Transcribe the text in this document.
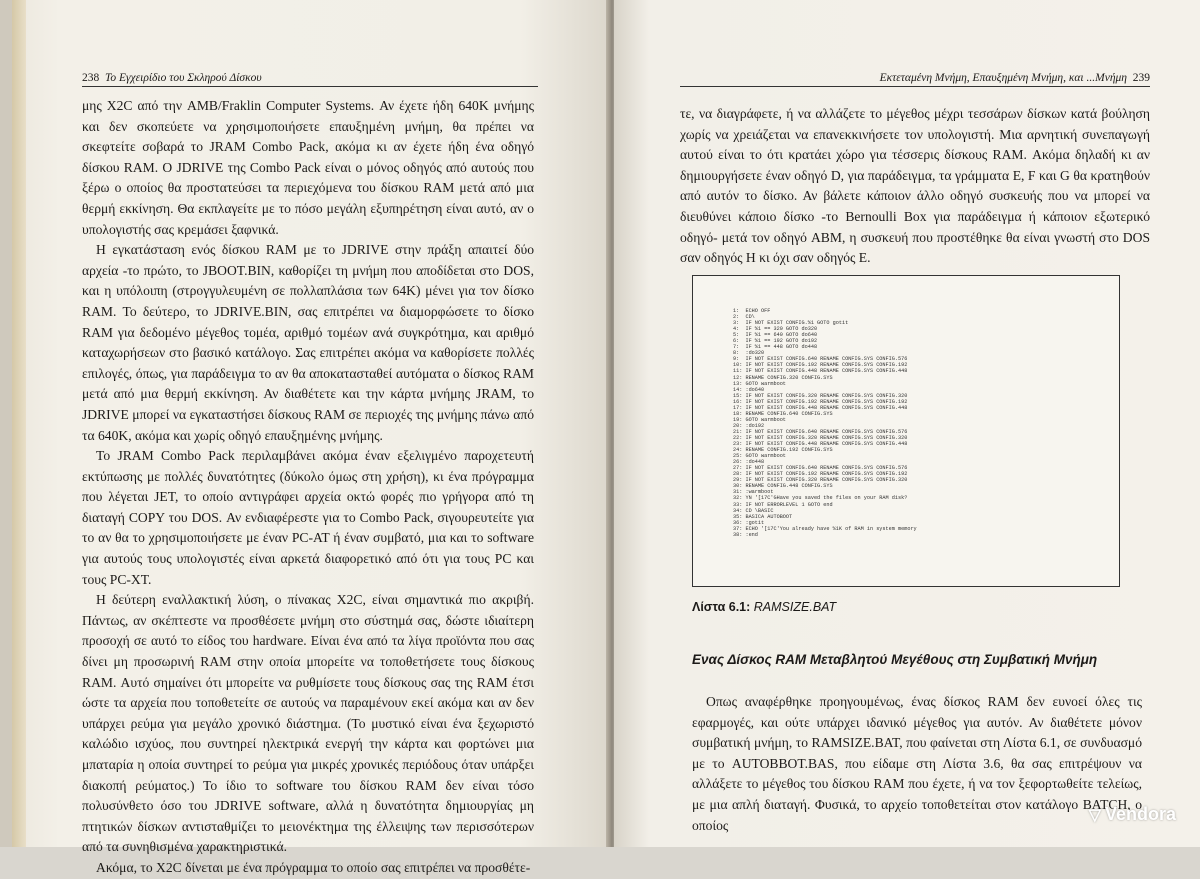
238 Το Εγχειρίδιο του Σκληρού Δίσκου

μης X2C από την AMB/Fraklin Computer Systems. Αν έχετε ήδη 640K μνήμης και δεν σκοπεύετε να χρησιμοποιήσετε επαυξημένη μνήμη, θα πρέπει να σκεφτείτε σοβαρά το JRAM Combo Pack, ακόμα κι αν έχετε ήδη ένα οδηγό δίσκου RAM. Ο JDRIVE της Combo Pack είναι ο μόνος οδηγός από αυτούς που ξέρω ο οποίος θα προστατεύσει τα περιεχόμενα του δίσκου RAM μετά από μια θερμή εκκίνηση. Θα εκπλαγείτε με το πόσο μεγάλη εξυπηρέτηση είναι αυτό, αν ο υπολογιστής σας κρεμάσει ξαφνικά.

Η εγκατάσταση ενός δίσκου RAM με το JDRIVE στην πράξη απαιτεί δύο αρχεία -το πρώτο, το JBOOT.BIN, καθορίζει τη μνήμη που αποδίδεται στο DOS, και η υπόλοιπη (στρογγυλευμένη σε πολλαπλάσια των 64K) μένει για τον δίσκο RAM. Το δεύτερο, το JDRIVE.BIN, σας επιτρέπει να διαμορφώσετε το δίσκο RAM για δεδομένο μέγεθος τομέα, αριθμό τομέων ανά συγκρότημα, και αριθμό καταχωρήσεων στο βασικό κατάλογο. Σας επιτρέπει ακόμα να καθορίσετε πολλές επιλογές, όπως, για παράδειγμα το αν θα αποκατασταθεί αυτόματα ο δίσκος RAM μετά από μια θερμή εκκίνηση. Αν διαθέτετε και την κάρτα μνήμης JRAM, το JDRIVE μπορεί να εγκαταστήσει δίσκους RAM σε περιοχές της μνήμης πάνω από τα 640K, ακόμα και χωρίς οδηγό επαυξημένης μνήμης.

Το JRAM Combo Pack περιλαμβάνει ακόμα έναν εξελιγμένο παροχετευτή εκτύπωσης με πολλές δυνατότητες (δύκολο όμως στη χρήση), κι ένα πρόγραμμα που λέγεται JET, το οποίο αντιγράφει αρχεία οκτώ φορές πιο γρήγορα από τη διαταγή COPY του DOS. Αν ενδιαφέρεστε για το Combo Pack, σιγουρευτείτε για το αν θα το χρησιμοποιήσετε με έναν PC-AT ή έναν συμβατό, μια και το software για αυτούς τους υπολογιστές είναι αρκετά διαφορετικό από ότι για τους PC και τους PC-XT.

Η δεύτερη εναλλακτική λύση, ο πίνακας X2C, είναι σημαντικά πιο ακριβή. Πάντως, αν σκέπτεστε να προσθέσετε μνήμη στο σύστημά σας, δώστε ιδιαίτερη προσοχή σε αυτό το είδος του hardware. Είναι ένα από τα λίγα προϊόντα που σας δίνει μη προσωρινή RAM στην οποία μπορείτε να τοποθετήσετε τους δίσκους RAM. Αυτό σημαίνει ότι μπορείτε να ρυθμίσετε τους δίσκους σας της RAM έτσι ώστε τα αρχεία που τοποθετείτε σε αυτούς να παραμένουν εκεί ακόμα και αν δεν υπάρχει ρεύμα για μεγάλο χρονικό διάστημα. (Το μυστικό είναι ένα ξεχωριστό καλώδιο ισχύος, που συντηρεί ηλεκτρικά ενεργή την κάρτα και φορτώνει μια μπαταρία η οποία συντηρεί το ρεύμα για μικρές χρονικές περιόδους όταν υπάρξει διακοπή ρεύματος.) Το ίδιο το software του δίσκου RAM δεν είναι τόσο πολυσύνθετο όσο του JDRIVE software, αλλά η δυνατότητα δημιουργίας μη πτητικών δίσκων αντισταθμίζει το μειονέκτημα της έλλειψης των περισσότερων από τα συνηθισμένα χαρακτηριστικά.

Ακόμα, το X2C δίνεται με ένα πρόγραμμα το οποίο σας επιτρέπει να προσθέτε-

Εκτεταμένη Μνήμη, Επαυξημένη Μνήμη, και ...Μνήμη 239

τε, να διαγράφετε, ή να αλλάζετε το μέγεθος μέχρι τεσσάρων δίσκων κατά βούληση χωρίς να χρειάζεται να επανεκκινήσετε τον υπολογιστή. Μια αρνητική συνεπαγωγή αυτού είναι το ότι κρατάει χώρο για τέσσερις δίσκους RAM. Ακόμα δηλαδή κι αν δημιουργήσετε έναν οδηγό D, για παράδειγμα, τα γράμματα E, F και G θα κρατηθούν από αυτόν το δίσκο. Αν βάλετε κάποιον άλλο οδηγό συσκευής που να μπορεί να διευθύνει κάποιο δίσκο -το Bernoulli Box για παράδειγμα ή κάποιον εξωτερικό οδηγό- μετά τον οδηγό ABM, η συσκευή που προστέθηκε θα είναι γνωστή στο DOS σαν οδηγός H κι όχι σαν οδηγός E.

1:  ECHO OFF
2:  CD\
3:  IF NOT EXIST CONFIG.%1 GOTO gotit
4:  IF %1 == 320 GOTO do320
5:  IF %1 == 640 GOTO do640
6:  IF %1 == 192 GOTO do192
7:  IF %1 == 448 GOTO do448
8:  :do320
9:  IF NOT EXIST CONFIG.640 RENAME CONFIG.SYS CONFIG.576
10: IF NOT EXIST CONFIG.192 RENAME CONFIG.SYS CONFIG.192
11: IF NOT EXIST CONFIG.448 RENAME CONFIG.SYS CONFIG.448
12: RENAME CONFIG.320 CONFIG.SYS
13: GOTO warmboot
14: :do640
15: IF NOT EXIST CONFIG.320 RENAME CONFIG.SYS CONFIG.320
16: IF NOT EXIST CONFIG.192 RENAME CONFIG.SYS CONFIG.192
17: IF NOT EXIST CONFIG.448 RENAME CONFIG.SYS CONFIG.448
18: RENAME CONFIG.640 CONFIG.SYS
19: GOTO warmboot
20: :do192
21: IF NOT EXIST CONFIG.640 RENAME CONFIG.SYS CONFIG.576
22: IF NOT EXIST CONFIG.320 RENAME CONFIG.SYS CONFIG.320
23: IF NOT EXIST CONFIG.448 RENAME CONFIG.SYS CONFIG.448
24: RENAME CONFIG.192 CONFIG.SYS
25: GOTO warmboot
26: :do448
27: IF NOT EXIST CONFIG.640 RENAME CONFIG.SYS CONFIG.576
28: IF NOT EXIST CONFIG.192 RENAME CONFIG.SYS CONFIG.192
29: IF NOT EXIST CONFIG.320 RENAME CONFIG.SYS CONFIG.320
30: RENAME CONFIG.448 CONFIG.SYS
31: :warmboot
32: YN '[17C'GHave you saved the files on your RAM disk?
33: IF NOT ERRORLEVEL 1 GOTO end
34: CD \BASIC
35: BASICA AUTOBOOT
36: :gotit
37: ECHO '[17C'You already have %1K of RAM in system memory
38: :end
Λίστα 6.1: RAMSIZE.BAT
Ενας Δίσκος RAM Μεταβλητού Μεγέθους στη Συμβατική Μνήμη

Οπως αναφέρθηκε προηγουμένως, ένας δίσκος RAM δεν ευνοεί όλες τις εφαρμογές, και ούτε υπάρχει ιδανικό μέγεθος για αυτόν. Αν διαθέτετε μόνον συμβατική μνήμη, το RAMSIZE.BAT, που φαίνεται στη Λίστα 6.1, σε συνδυασμό με το AUTOBBOT.BAS, που είδαμε στη Λίστα 3.6, θα σας επιτρέψουν να αλλάξετε το μέγεθος του δίσκου RAM που έχετε, ή να τον ξεφορτωθείτε τελείως, με μια απλή διαταγή. Φυσικά, το αρχείο τοποθετείται στον κατάλογο BATCH, ο οποίος

▽ Vendora
